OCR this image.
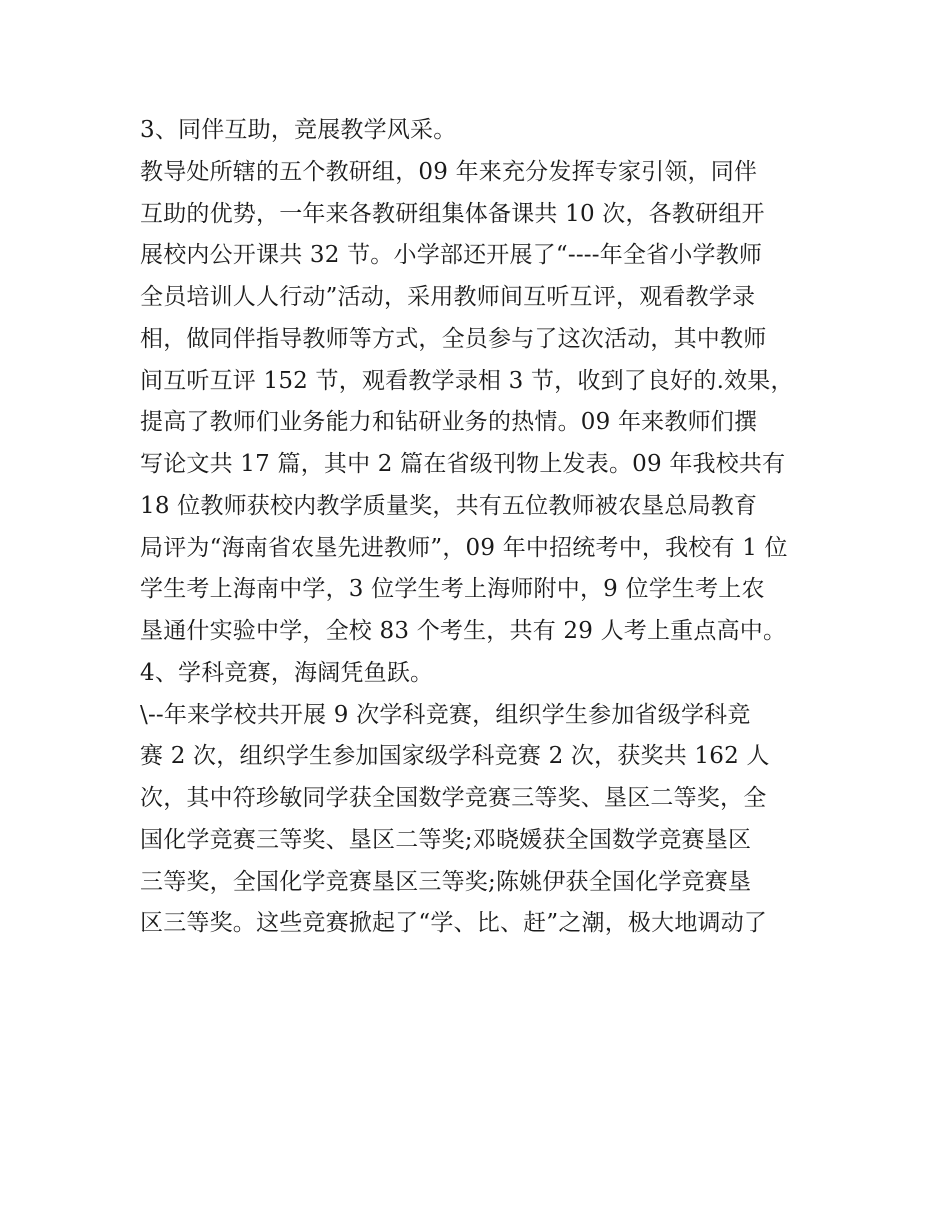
3、同伴互助，竞展教学风采。
教导处所辖的五个教研组，09 年来充分发挥专家引领，同伴
互助的优势，一年来各教研组集体备课共 10 次，各教研组开
展校内公开课共 32 节。小学部还开展了“----年全省小学教师
全员培训人人行动”活动，采用教师间互听互评，观看教学录
相，做同伴指导教师等方式，全员参与了这次活动，其中教师
间互听互评 152 节，观看教学录相 3 节，收到了良好的.效果，
提高了教师们业务能力和钻研业务的热情。09 年来教师们撰
写论文共 17 篇，其中 2 篇在省级刊物上发表。09 年我校共有
18 位教师获校内教学质量奖，共有五位教师被农垦总局教育
局评为“海南省农垦先进教师”，09 年中招统考中，我校有 1 位
学生考上海南中学，3 位学生考上海师附中，9 位学生考上农
垦通什实验中学，全校 83 个考生，共有 29 人考上重点高中。
4、学科竞赛，海阔凭鱼跃。
\--年来学校共开展 9 次学科竞赛，组织学生参加省级学科竞
赛 2 次，组织学生参加国家级学科竞赛 2 次，获奖共 162 人
次，其中符珍敏同学获全国数学竞赛三等奖、垦区二等奖，全
国化学竞赛三等奖、垦区二等奖;邓晓媛获全国数学竞赛垦区
三等奖，全国化学竞赛垦区三等奖;陈姚伊获全国化学竞赛垦
区三等奖。这些竞赛掀起了“学、比、赶”之潮，极大地调动了
